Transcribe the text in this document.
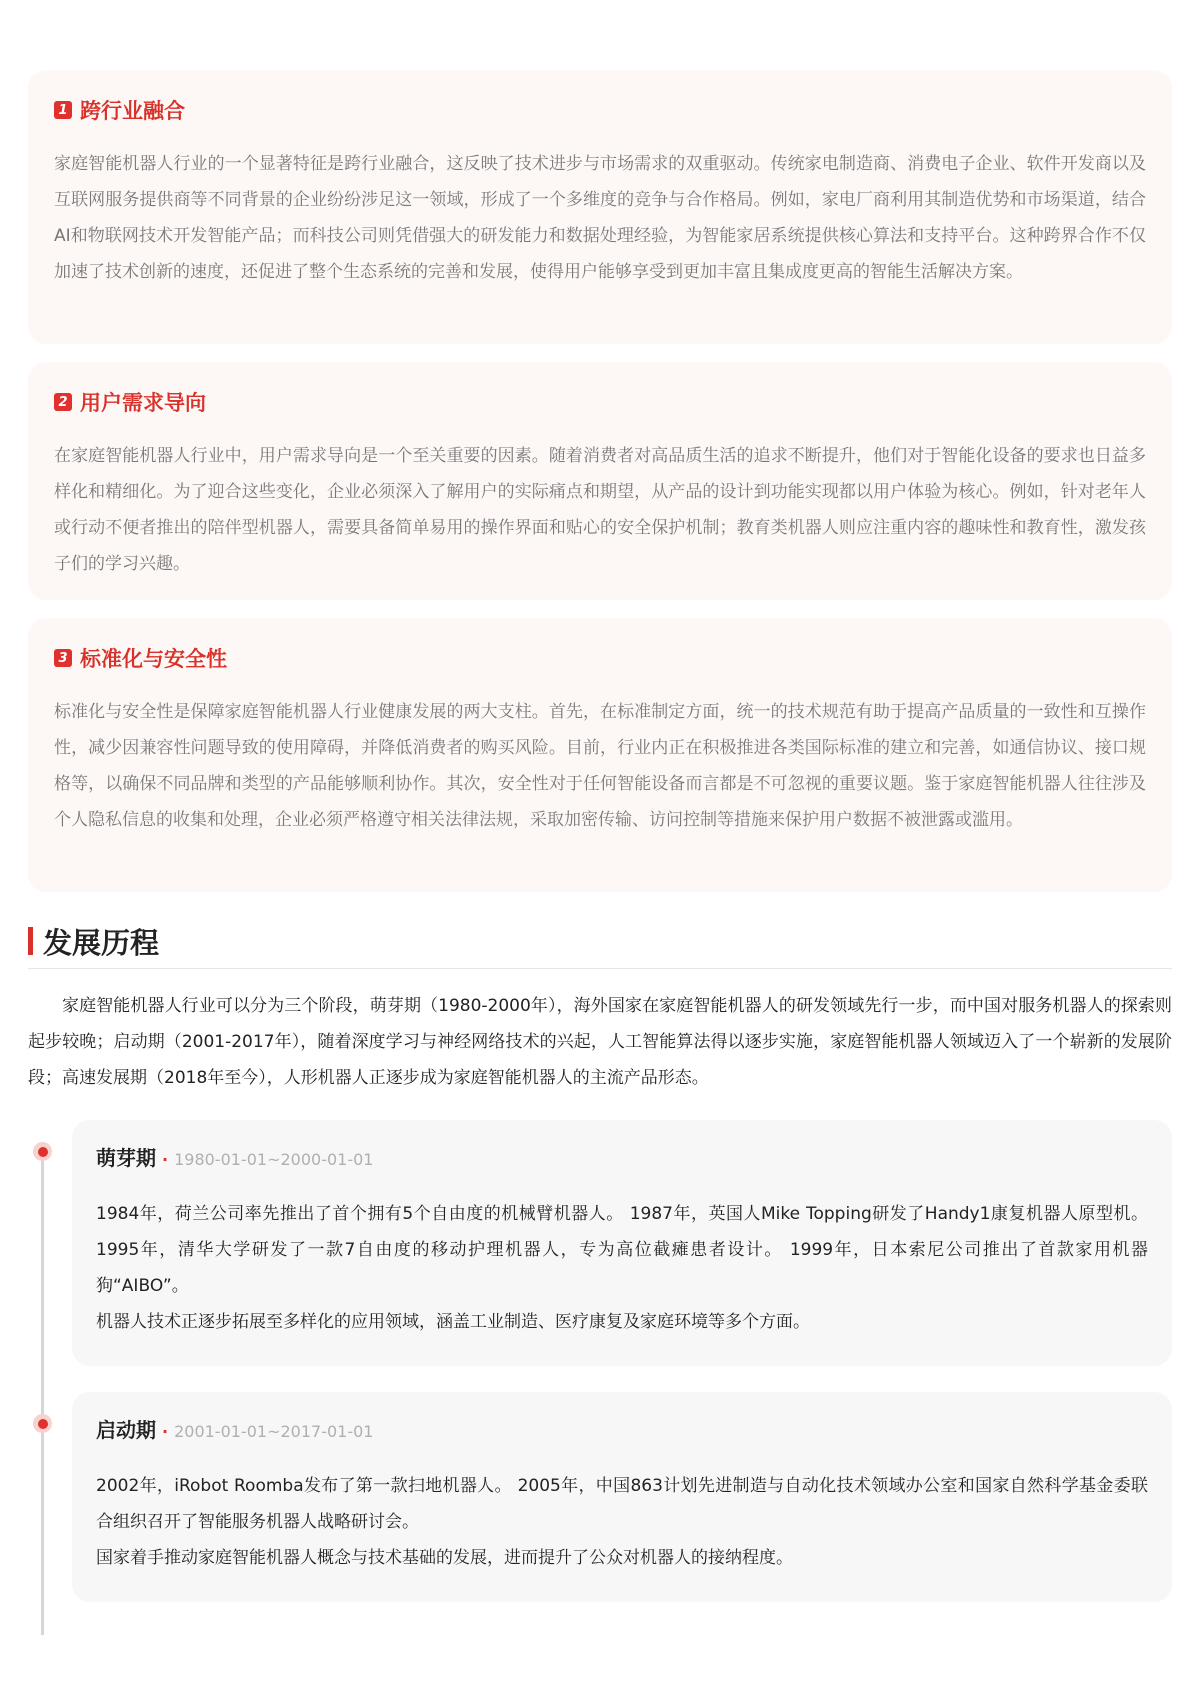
1 跨行业融合
家庭智能机器人行业的一个显著特征是跨行业融合，这反映了技术进步与市场需求的双重驱动。传统家电制造商、消费电子企业、软件开发商以及互联网服务提供商等不同背景的企业纷纷涉足这一领域，形成了一个多维度的竞争与合作格局。例如，家电厂商利用其制造优势和市场渠道，结合AI和物联网技术开发智能产品；而科技公司则凭借强大的研发能力和数据处理经验，为智能家居系统提供核心算法和支持平台。这种跨界合作不仅加速了技术创新的速度，还促进了整个生态系统的完善和发展，使得用户能够享受到更加丰富且集成度更高的智能生活解决方案。
2 用户需求导向
在家庭智能机器人行业中，用户需求导向是一个至关重要的因素。随着消费者对高品质生活的追求不断提升，他们对于智能化设备的要求也日益多样化和精细化。为了迎合这些变化，企业必须深入了解用户的实际痛点和期望，从产品的设计到功能实现都以用户体验为核心。例如，针对老年人或行动不便者推出的陪伴型机器人，需要具备简单易用的操作界面和贴心的安全保护机制；教育类机器人则应注重内容的趣味性和教育性，激发孩子们的学习兴趣。
3 标准化与安全性
标准化与安全性是保障家庭智能机器人行业健康发展的两大支柱。首先，在标准制定方面，统一的技术规范有助于提高产品质量的一致性和互操作性，减少因兼容性问题导致的使用障碍，并降低消费者的购买风险。目前，行业内正在积极推进各类国际标准的建立和完善，如通信协议、接口规格等，以确保不同品牌和类型的产品能够顺利协作。其次，安全性对于任何智能设备而言都是不可忽视的重要议题。鉴于家庭智能机器人往往涉及个人隐私信息的收集和处理，企业必须严格遵守相关法律法规，采取加密传输、访问控制等措施来保护用户数据不被泄露或滥用。
发展历程
家庭智能机器人行业可以分为三个阶段，萌芽期（1980-2000年），海外国家在家庭智能机器人的研发领域先行一步，而中国对服务机器人的探索则起步较晚；启动期（2001-2017年），随着深度学习与神经网络技术的兴起，人工智能算法得以逐步实施，家庭智能机器人领域迈入了一个崭新的发展阶段；高速发展期（2018年至今），人形机器人正逐步成为家庭智能机器人的主流产品形态。
萌芽期 · 1980-01-01~2000-01-01
1984年，荷兰公司率先推出了首个拥有5个自由度的机械臂机器人。 1987年，英国人Mike Topping研发了Handy1康复机器人原型机。 1995年，清华大学研发了一款7自由度的移动护理机器人，专为高位截瘫患者设计。 1999年，日本索尼公司推出了首款家用机器狗“AIBO”。
机器人技术正逐步拓展至多样化的应用领域，涵盖工业制造、医疗康复及家庭环境等多个方面。
启动期 · 2001-01-01~2017-01-01
2002年，iRobot Roomba发布了第一款扫地机器人。 2005年，中国863计划先进制造与自动化技术领域办公室和国家自然科学基金委联合组织召开了智能服务机器人战略研讨会。
国家着手推动家庭智能机器人概念与技术基础的发展，进而提升了公众对机器人的接纳程度。
